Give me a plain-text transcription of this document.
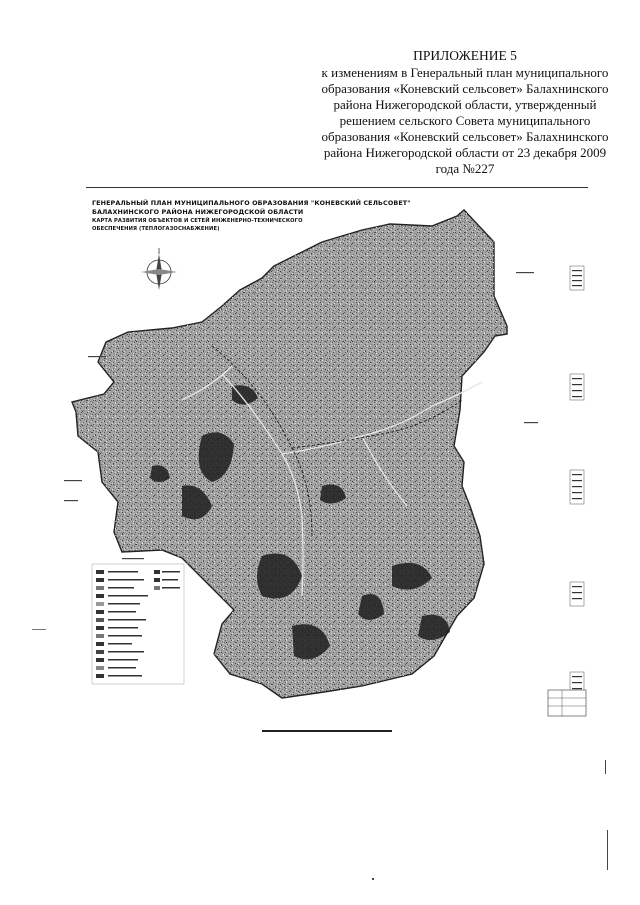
ПРИЛОЖЕНИЕ 5
к изменениям в Генеральный план муниципального
образования «Коневский сельсовет» Балахнинского
района Нижегородской области, утвержденный
решением сельского Совета муниципального
образования «Коневский сельсовет» Балахнинского
района Нижегородской области от 23 декабря 2009
года №227
ГЕНЕРАЛЬНЫЙ ПЛАН МУНИЦИПАЛЬНОГО ОБРАЗОВАНИЯ "КОНЕВСКИЙ СЕЛЬСОВЕТ"
БАЛАХНИНСКОГО РАЙОНА НИЖЕГОРОДСКОЙ ОБЛАСТИ
КАРТА РАЗВИТИЯ ОБЪЕКТОВ И СЕТЕЙ ИНЖЕНЕРНО-ТЕХНИЧЕСКОГО
ОБЕСПЕЧЕНИЯ (ТЕПЛОГАЗОСНАБЖЕНИЕ)
